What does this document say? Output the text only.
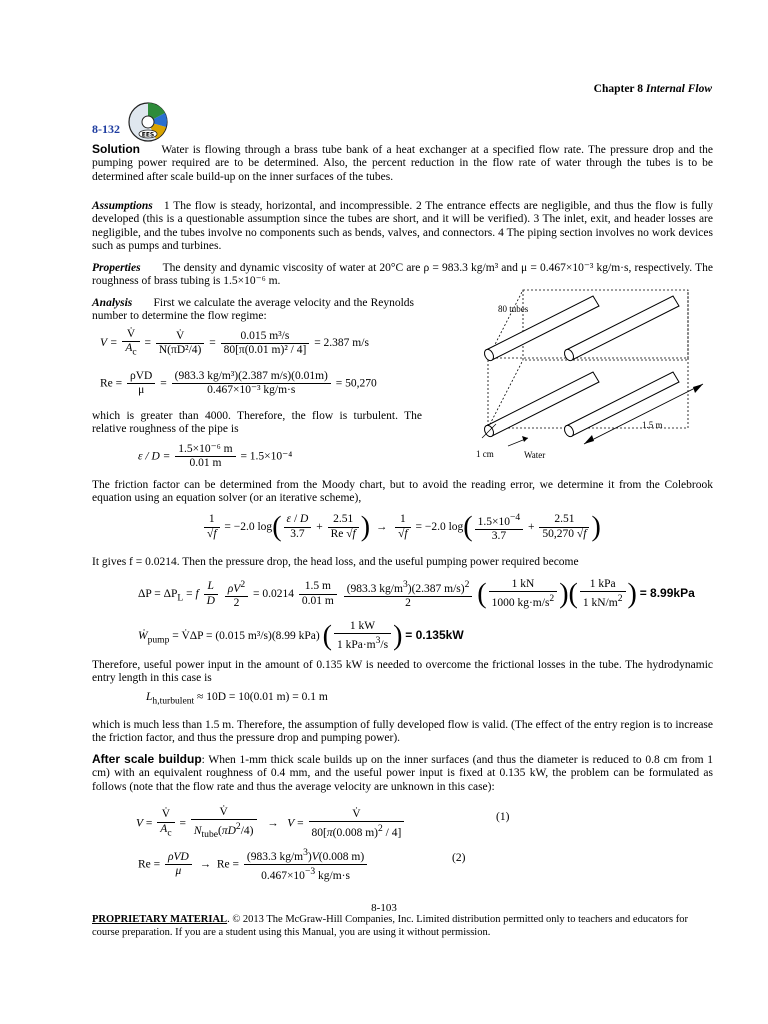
Chapter 8 Internal Flow
EES
8-132
Solution Water is flowing through a brass tube bank of a heat exchanger at a specified flow rate. The pressure drop and the pumping power required are to be determined. Also, the percent reduction in the flow rate of water through the tubes is to be determined after scale build-up on the inner surfaces of the tubes.
Assumptions 1 The flow is steady, horizontal, and incompressible. 2 The entrance effects are negligible, and thus the flow is fully developed (this is a questionable assumption since the tubes are short, and it will be verified). 3 The inlet, exit, and header losses are negligible, and the tubes involve no components such as bends, valves, and connectors. 4 The piping section involves no work devices such as pumps and turbines.
Properties The density and dynamic viscosity of water at 20°C are ρ = 983.3 kg/m³ and μ = 0.467×10⁻³ kg/m·s, respectively. The roughness of brass tubing is 1.5×10⁻⁶ m.
Analysis First we calculate the average velocity and the Reynolds number to determine the flow regime:
$V = \frac{V̇}{A_c} = \frac{V̇}{\text{N(πD²/4)}} = \frac{\text{0.015 m³/s}}{\text{80[π(0.01 m)² / 4]}} = 2.387$ m/s
$Re = \frac{\text{ρVD}}{\mu} = \frac{\text{(983.3 kg/m³)(2.387 m/s)(0.01m)}}{\text{0.467×10⁻³ kg/m·s}} = 50,270$
which is greater than 4000. Therefore, the flow is turbulent. The relative roughness of the pipe is
$\varepsilon / D = \frac{\text{1.5×10⁻⁶ m}}{0.01 m} = 1.5\times 10^{-4}$
80 tubes
1.5 m
1 cm	Water
The friction factor can be determined from the Moody chart, but to avoid the reading error, we determine it from the Colebrook equation using an equation solver (or an iterative scheme),
$\frac{1}{√f} = -2.0$ $\log( \frac{\varepsilon / D}{3.7} + \frac{2.51}{Re √f}$ )  → $\frac{1}{√f} = -2.0$ $\log( \frac{1.5\times 10^{-4}}{3.7} + \frac{2.51}{50,270 √f}$ )
It gives f = 0.0214. Then the pressure drop, the head loss, and the useful pumping power required become
$\Delta P = \Delta P_L = f \frac{L}{D}$
$\frac{\rho V^2}{2} = 0.0214 \frac{1.5 m}{0.01 m}$
$\frac{(983.3 kg/m^3)(2.387 m/s)^2}{2}$ ( $\frac{1 kN}{1000 kg\cdot m/s^2}$ )( $\frac{\text{1 kPa}}{1 kN/m^2}$ ) = 8.99kPa
Ẇ$_{pump}$ = V̇ΔP = (0.015 m³/s)(8.99 kPa) ( $\frac{1 kW}{1 kPa\cdot m^3/s}$ ) = 0.135kW
Therefore, useful power input in the amount of 0.135 kW is needed to overcome the frictional losses in the tube. The hydrodynamic entry length in this case is
$L_{h,turbulent} \approx 10D = 10(0.01$ m) = 0.1 m
which is much less than 1.5 m. Therefore, the assumption of fully developed flow is valid. (The effect of the entry region is to increase the friction factor, and thus the pressure drop and pumping power).
After scale buildup: When 1-mm thick scale builds up on the inner surfaces (and thus the diameter is reduced to 0.8 cm from 1 cm) with an equivalent roughness of 0.4 mm, and the useful power input is fixed at 0.135 kW, the problem can be formulated as follows (note that the flow rate and thus the average velocity are unknown in this case):
$V = \frac{V̇}{A_c} = \frac{V̇}{N_{tube}(\pi D^2/4)} \to V = \frac{V̇}{80[\pi(0.008 m)^2 / 4]}$	(1)
$Re = \frac{\text{ρVD}}{\mu} \to Re = \frac{(983.3 kg/m^3)V(0.008 m)}{0.467\times 10^{-3} kg/m\cdot s}$	(2)
8-103
PROPRIETARY MATERIAL. © 2013 The McGraw-Hill Companies, Inc. Limited distribution permitted only to teachers and educators for course preparation. If you are a student using this Manual, you are using it without permission.
